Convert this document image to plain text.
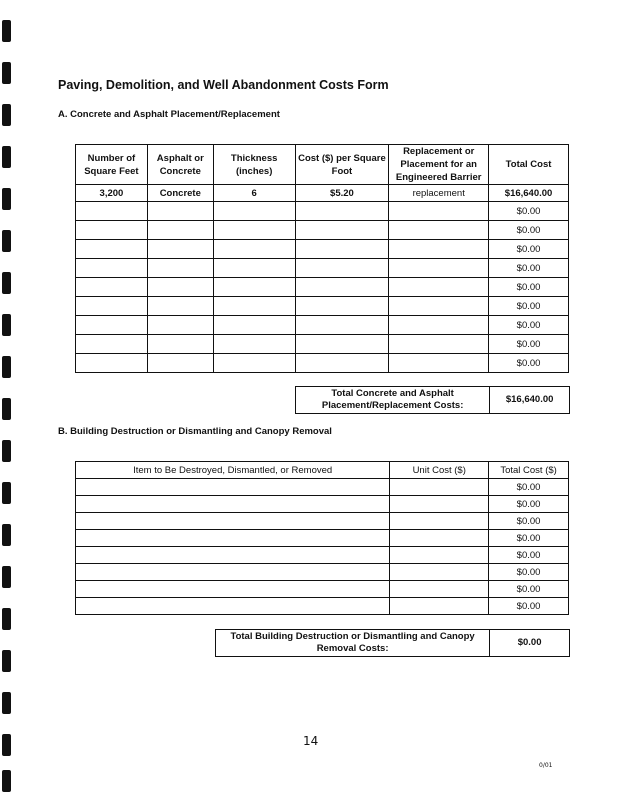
Paving, Demolition, and Well Abandonment Costs Form
A. Concrete and Asphalt Placement/Replacement
Number of Square Feet	Asphalt or Concrete	Thickness (inches)	Cost ($) per Square Foot	Replacement or Placement for an Engineered Barrier	Total Cost
3,200	Concrete	6	$5.20	replacement	$16,640.00
					$0.00
					$0.00
					$0.00
					$0.00
					$0.00
					$0.00
					$0.00
					$0.00
					$0.00
Total Concrete and Asphalt Placement/Replacement Costs:	$16,640.00
B. Building Destruction or Dismantling and Canopy Removal
Item to Be Destroyed, Dismantled, or Removed	Unit Cost ($)	Total Cost ($)
		$0.00
		$0.00
		$0.00
		$0.00
		$0.00
		$0.00
		$0.00
		$0.00
Total Building Destruction or Dismantling and Canopy Removal Costs:	$0.00
14
0/01
